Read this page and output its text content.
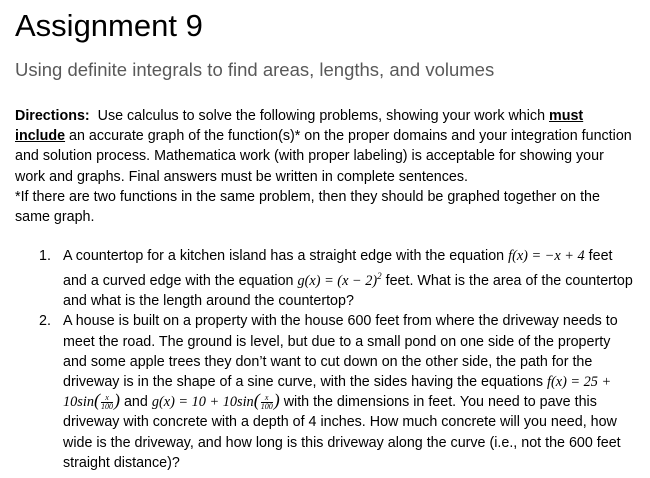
Assignment 9
Using definite integrals to find areas, lengths, and volumes
Directions: Use calculus to solve the following problems, showing your work which must include an accurate graph of the function(s)* on the proper domains and your integration function and solution process. Mathematica work (with proper labeling) is acceptable for showing your work and graphs. Final answers must be written in complete sentences.
*If there are two functions in the same problem, then they should be graphed together on the same graph.
1. A countertop for a kitchen island has a straight edge with the equation f(x) = −x + 4 feet and a curved edge with the equation $g(x) = (x - 2)^2$ feet. What is the area of the countertop and what is the length around the countertop?
2. A house is built on a property with the house 600 feet from where the driveway needs to meet the road. The ground is level, but due to a small pond on one side of the property and some apple trees they don’t want to cut down on the other side, the path for the driveway is in the shape of a sine curve, with the sides having the equations $f(x) = 25 + 10\sin( \frac{x}{100}$ ) and $g(x) = 10 + 10\sin( \frac{x}{100}$ ) with the dimensions in feet. You need to pave this driveway with concrete with a depth of 4 inches. How much concrete will you need, how wide is the driveway, and how long is this driveway along the curve (i.e., not the 600 feet straight distance)?
